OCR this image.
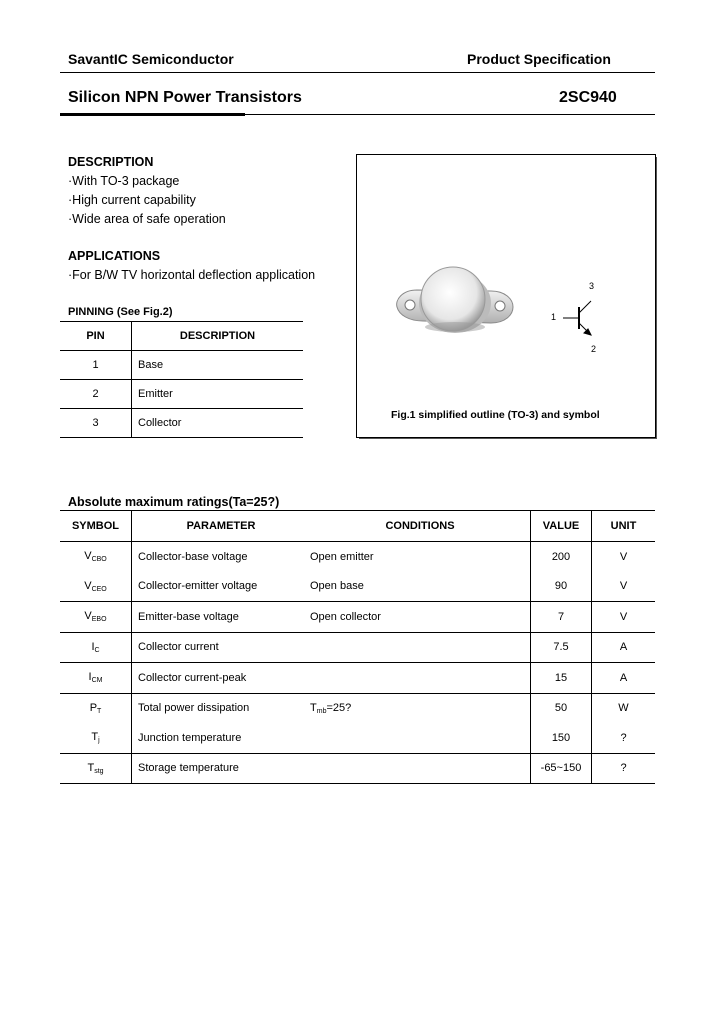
SavantIC Semiconductor	Product Specification
Silicon NPN Power Transistors	2SC940
DESCRIPTION
·With TO-3 package
·High current capability
·Wide area of safe operation
APPLICATIONS
·For B/W TV horizontal deflection application
PINNING (See Fig.2)
PIN	DESCRIPTION
1	Base
2	Emitter
3	Collector
1
3
2
Fig.1 simplified outline (TO-3) and symbol
Absolute maximum ratings(Ta=25?)
SYMBOL	PARAMETER	CONDITIONS	VALUE	UNIT
$V_{CBO}$	Collector-base voltage	Open emitter	200	V
$V_{CEO}$	Collector-emitter voltage	Open base	90	V
$V_{EBO}$	Emitter-base voltage	Open collector	7	V
$I_C$	Collector current		7.5	A
$I_{CM}$	Collector current-peak		15	A
$P_T$	Total power dissipation	$T_{mb}=25$?	50	W
$T_j$	Junction temperature		150	?
$T_{stg}$	Storage temperature		-65~150	?
